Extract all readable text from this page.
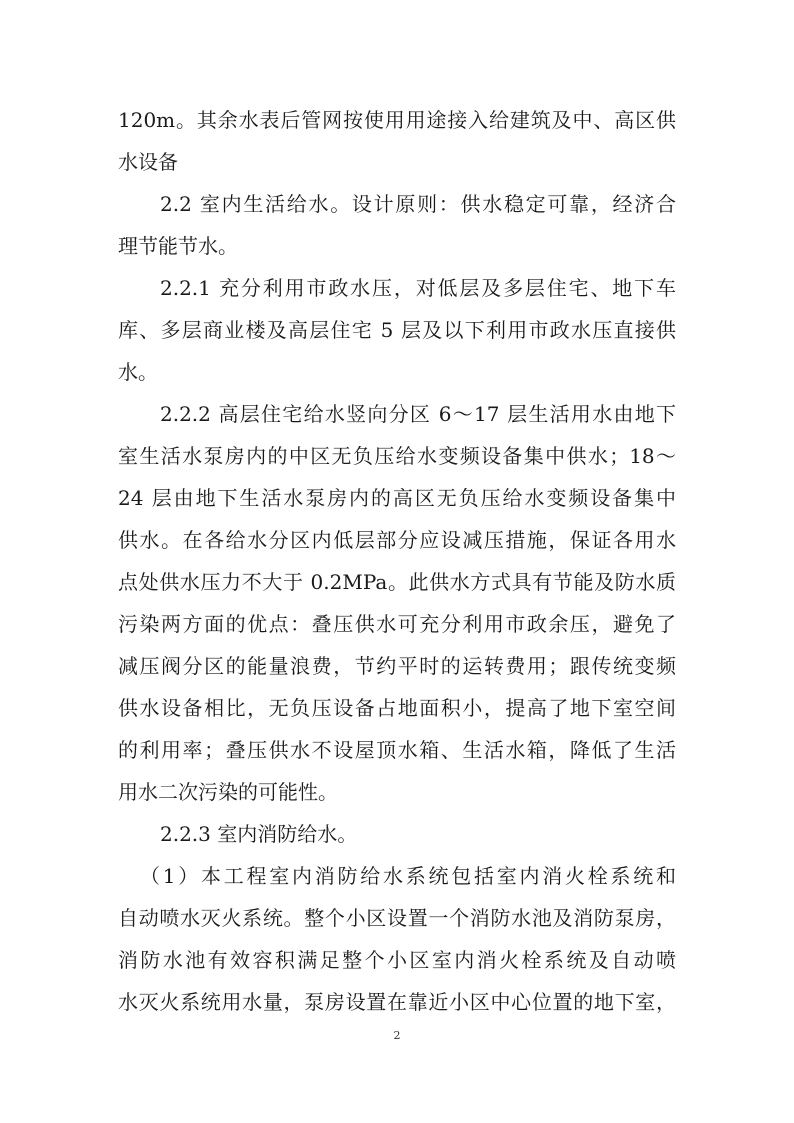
120m。其余水表后管网按使用用途接入给建筑及中、高区供

水设备

2.2 室内生活给水。设计原则：供水稳定可靠，经济合

理节能节水。

2.2.1 充分利用市政水压，对低层及多层住宅、地下车

库、多层商业楼及高层住宅 5 层及以下利用市政水压直接供

水。

2.2.2 高层住宅给水竖向分区 6～17 层生活用水由地下

室生活水泵房内的中区无负压给水变频设备集中供水；18～

24 层由地下生活水泵房内的高区无负压给水变频设备集中

供水。在各给水分区内低层部分应设减压措施，保证各用水

点处供水压力不大于 0.2MPa。此供水方式具有节能及防水质

污染两方面的优点：叠压供水可充分利用市政余压，避免了

减压阀分区的能量浪费，节约平时的运转费用；跟传统变频

供水设备相比，无负压设备占地面积小，提高了地下室空间

的利用率；叠压供水不设屋顶水箱、生活水箱，降低了生活

用水二次污染的可能性。

2.2.3 室内消防给水。

（1）本工程室内消防给水系统包括室内消火栓系统和

自动喷水灭火系统。整个小区设置一个消防水池及消防泵房，

消防水池有效容积满足整个小区室内消火栓系统及自动喷

水灭火系统用水量，泵房设置在靠近小区中心位置的地下室，

2
